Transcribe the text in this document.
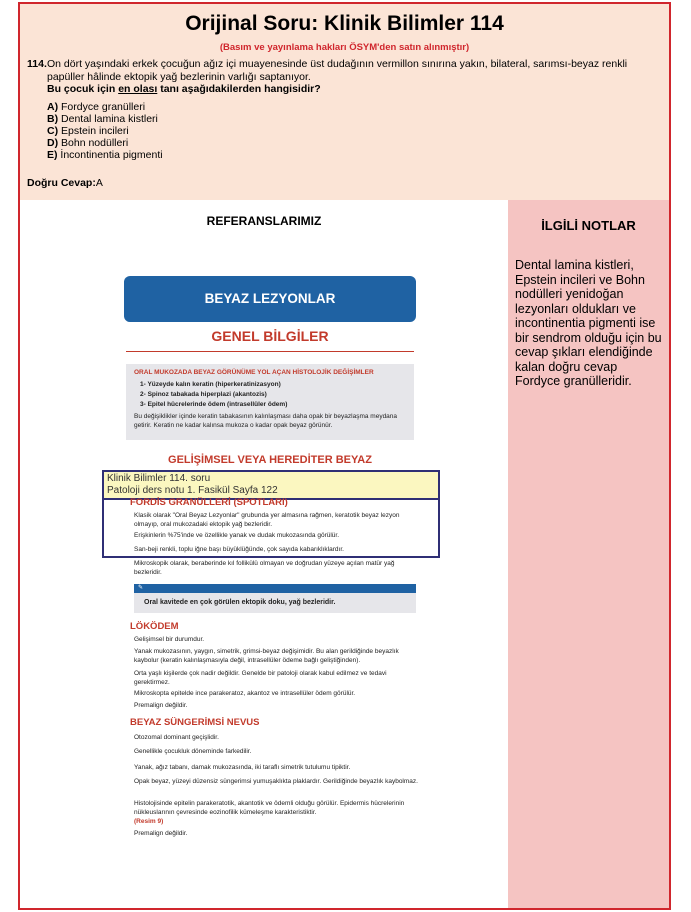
Orijinal Soru: Klinik Bilimler 114
(Basım ve yayınlama hakları ÖSYM'den satın alınmıştır)
114. On dört yaşındaki erkek çocuğun ağız içi muayenesinde üst dudağının vermillon sınırına yakın, bilateral, sarımsı-beyaz renkli papüller hâlinde ektopik yağ bezlerinin varlığı saptanıyor.
Bu çocuk için en olası tanı aşağıdakilerden hangisidir?
A) Fordyce granülleri
B) Dental lamina kistleri
C) Epstein incileri
D) Bohn nodülleri
E) İncontinentia pigmenti
Doğru Cevap:A
REFERANSLARIMIZ
BEYAZ LEZYONLAR
GENEL BİLGİLER
ORAL MUKOZADA BEYAZ GÖRÜNÜME YOL AÇAN HİSTOLOJİK DEĞİŞİMLER
1- Yüzeyde kalın keratin (hiperkeratinizasyon)
2- Spinoz tabakada hiperplazi (akantozis)
3- Epitel hücrelerinde ödem (intrasellüler ödem)
Bu değişiklikler içinde keratin tabakasının kalınlaşması daha opak bir beyazlaşma meydana getirir. Keratin ne kadar kalınsa mukoza o kadar opak beyaz görünür.
GELİŞİMSEL VEYA HEREDİTER BEYAZ
Klinik Bilimler 114. soru
Patoloji ders notu 1. Fasikül Sayfa 122
FORDİS GRANÜLLERİ (SPOTLARI)
Klasik olarak "Oral Beyaz Lezyonlar" grubunda yer almasına rağmen, keratotik beyaz lezyon olmayıp, oral mukozadaki ektopik yağ bezleridir.
Erişkinlerin %75'inde ve özellikle yanak ve dudak mukozasında görülür.
San-beji renkli, toplu iğne başı büyüklüğünde, çok sayıda kabarıklıklardır.
Mikroskopik olarak, beraberinde kıl follikülü olmayan ve doğrudan yüzeye açılan matür yağ bezleridir.
✎
Oral kavitede en çok görülen ektopik doku, yağ bezleridir.
LÖKÖDEM
Gelişimsel bir durumdur.
Yanak mukozasının, yaygın, simetrik, grimsi-beyaz değişimidir. Bu alan gerildiğinde beyazlık kaybolur (keratin kalınlaşmasıyla değil, intrasellüler ödeme bağlı geliştiğinden).
Orta yaşlı kişilerde çok nadir değildir. Genelde bir patoloji olarak kabul edilmez ve tedavi gerektirmez.
Mikroskopta epitelde ince parakeratoz, akantoz ve intrasellüler ödem görülür.
Premalign değildir.
BEYAZ SÜNGERİMSİ NEVUS
Otozomal dominant geçişlidir.
Genellikle çocukluk döneminde farkedilir.
Yanak, ağız tabanı, damak mukozasında, iki taraflı simetrik tutulumu tipiktir.
Opak beyaz, yüzeyi düzensiz süngerimsi yumuşaklıkta plaklardır. Gerildiğinde beyazlık kaybolmaz.
Histolojisinde epitelin parakeratotik, akantotik ve ödemli olduğu görülür. Epidermis hücrelerinin nükleuslarının çevresinde eozinofilik kümeleşme karakteristiktir.
(Resim 9)
Premalign değildir.
İLGİLİ NOTLAR
Dental lamina kistleri, Epstein incileri ve Bohn nodülleri yenidoğan lezyonları oldukları ve incontinentia pigmenti ise bir sendrom olduğu için bu cevap şıkları elendiğinde kalan doğru cevap Fordyce granülleridir.
